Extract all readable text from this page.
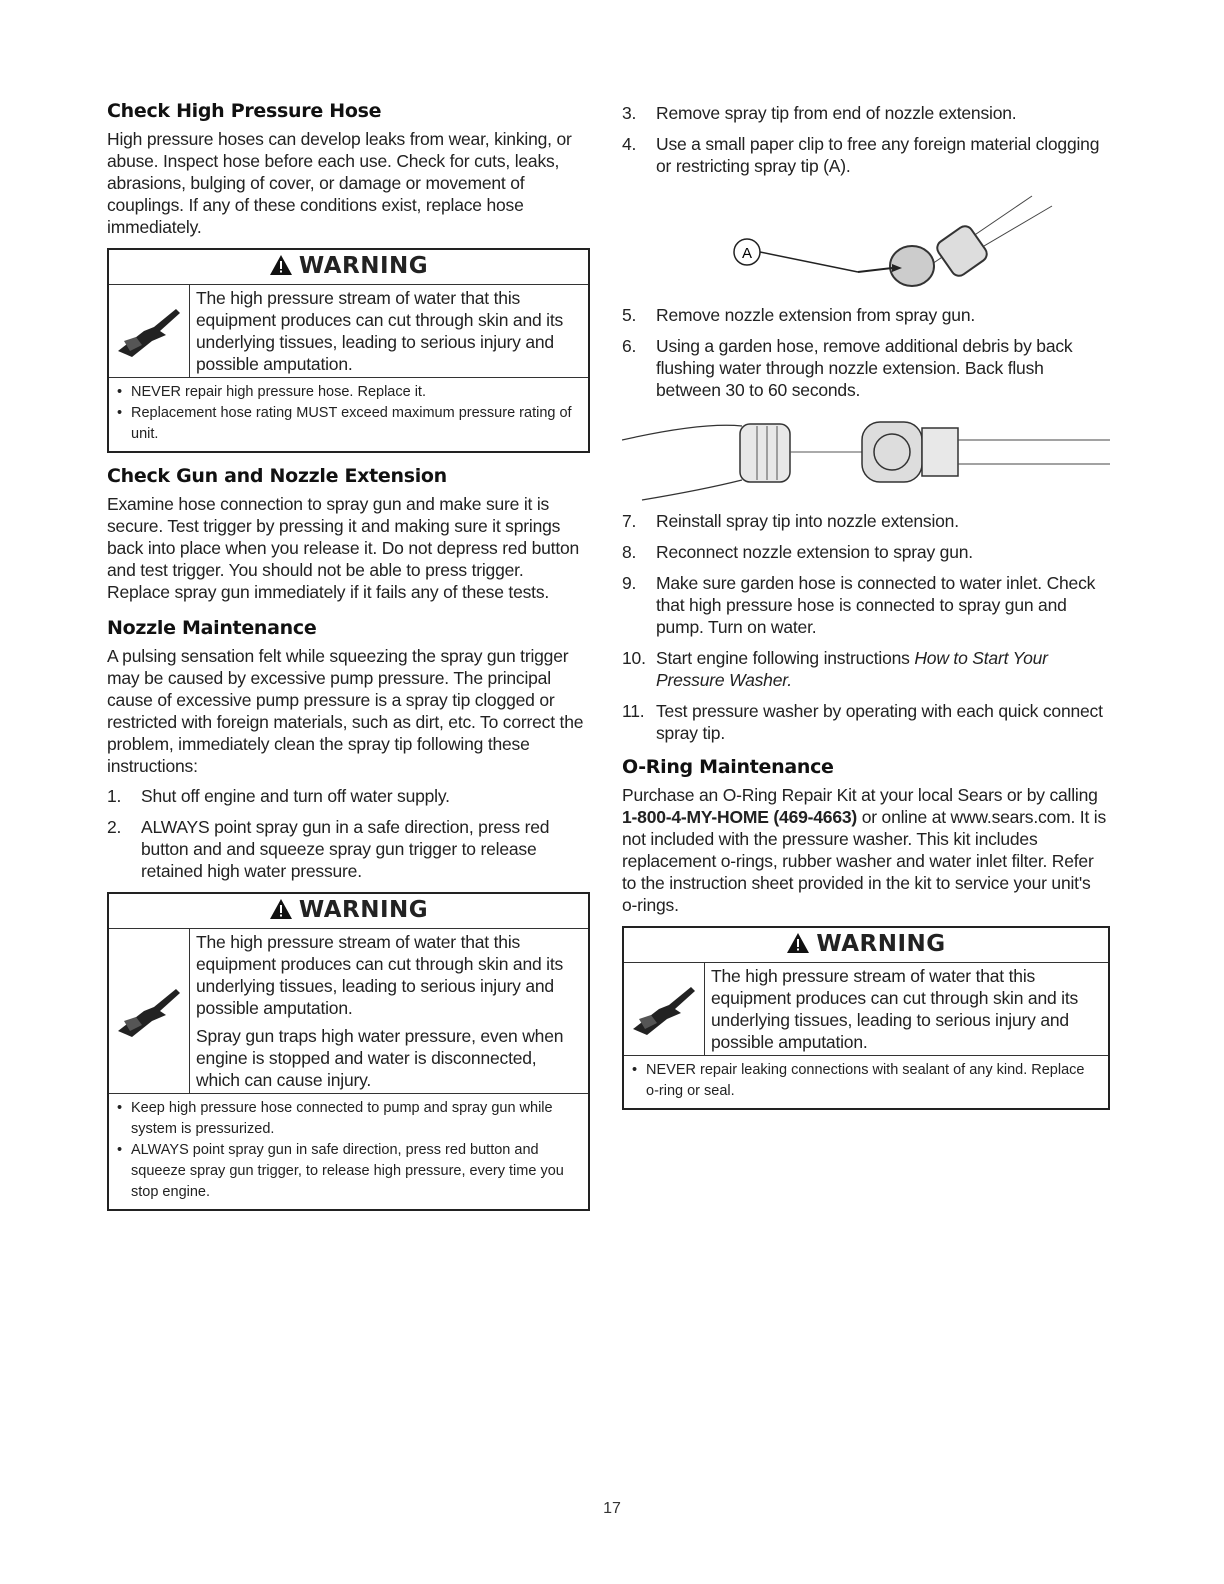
Check High Pressure Hose

High pressure hoses can develop leaks from wear, kinking, or abuse. Inspect hose before each use. Check for cuts, leaks, abrasions, bulging of cover, or damage or movement of couplings. If any of these conditions exist, replace hose immediately.

WARNING

The high pressure stream of water that this equipment produces can cut through skin and its underlying tissues, leading to serious injury and possible amputation.

• NEVER repair high pressure hose. Replace it.
• Replacement hose rating MUST exceed maximum pressure rating of unit.
Check Gun and Nozzle Extension

Examine hose connection to spray gun and make sure it is secure. Test trigger by pressing it and making sure it springs back into place when you release it. Do not depress red button and test trigger. You should not be able to press trigger. Replace spray gun immediately if it fails any of these tests.

Nozzle Maintenance

A pulsing sensation felt while squeezing the spray gun trigger may be caused by excessive pump pressure. The principal cause of excessive pump pressure is a spray tip clogged or restricted with foreign materials, such as dirt, etc. To correct the problem, immediately clean the spray tip following these instructions:

1. Shut off engine and turn off water supply.
2. ALWAYS point spray gun in a safe direction, press red button and and squeeze spray gun trigger to release retained high water pressure.
WARNING

The high pressure stream of water that this equipment produces can cut through skin and its underlying tissues, leading to serious injury and possible amputation.

Spray gun traps high water pressure, even when engine is stopped and water is disconnected, which can cause injury.

• Keep high pressure hose connected to pump and spray gun while system is pressurized.
• ALWAYS point spray gun in safe direction, press red button and squeeze spray gun trigger, to release high pressure, every time you stop engine.
3. Remove spray tip from end of nozzle extension.
4. Use a small paper clip to free any foreign material clogging or restricting spray tip (A).
A
5. Remove nozzle extension from spray gun.
6. Using a garden hose, remove additional debris by back flushing water through nozzle extension. Back flush between 30 to 60 seconds.
7. Reinstall spray tip into nozzle extension.
8. Reconnect nozzle extension to spray gun.
9. Make sure garden hose is connected to water inlet. Check that high pressure hose is connected to spray gun and pump. Turn on water.
10. Start engine following instructions How to Start Your Pressure Washer.
11. Test pressure washer by operating with each quick connect spray tip.
O-Ring Maintenance

Purchase an O-Ring Repair Kit at your local Sears or by calling 1-800-4-MY-HOME (469-4663) or online at www.sears.com. It is not included with the pressure washer. This kit includes replacement o-rings, rubber washer and water inlet filter. Refer to the instruction sheet provided in the kit to service your unit's o-rings.

WARNING

The high pressure stream of water that this equipment produces can cut through skin and its underlying tissues, leading to serious injury and possible amputation.

• NEVER repair leaking connections with sealant of any kind. Replace o-ring or seal.
17
